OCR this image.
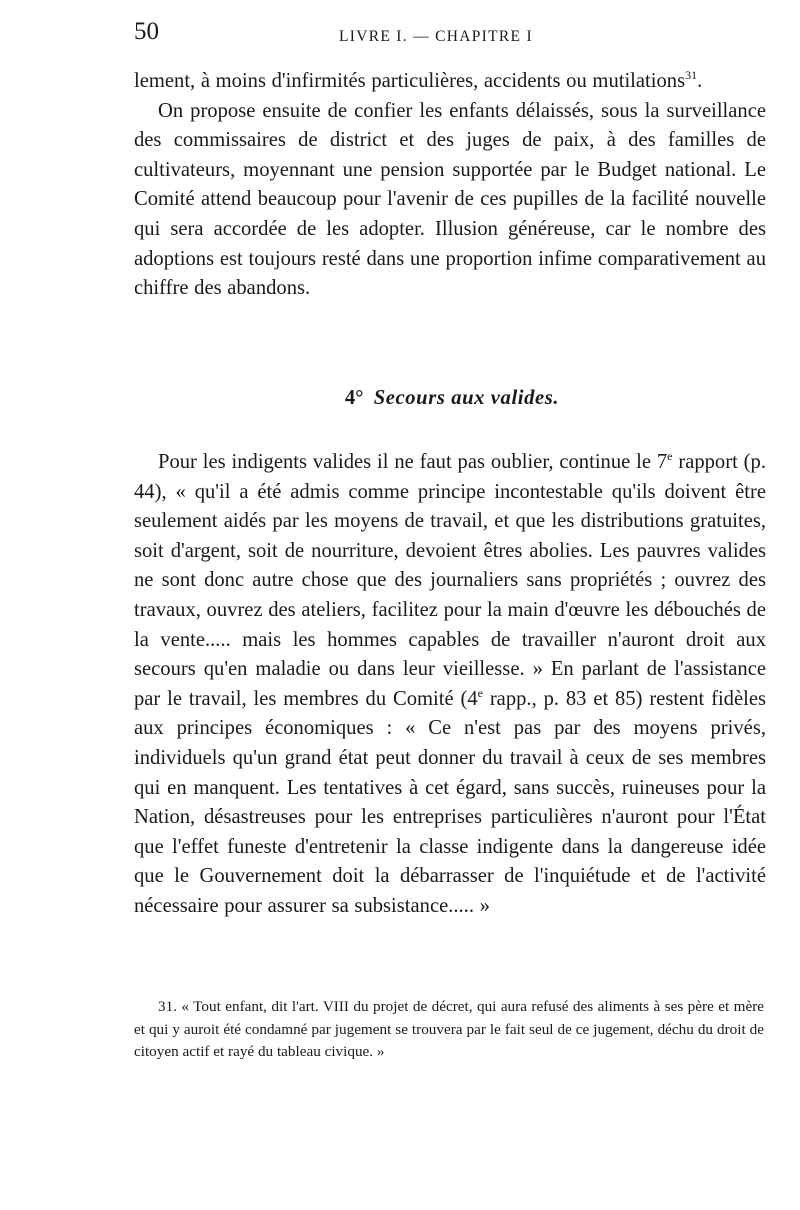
50	LIVRE I. — CHAPITRE I

lement, à moins d'infirmités particulières, accidents ou mutilations$^{31}$.

On propose ensuite de confier les enfants délaissés, sous la surveillance des commissaires de district et des juges de paix, à des familles de cultivateurs, moyennant une pension supportée par le Budget national. Le Comité attend beaucoup pour l'avenir de ces pupilles de la facilité nouvelle qui sera accordée de les adopter. Illusion généreuse, car le nombre des adoptions est toujours resté dans une proportion infime comparativement au chiffre des abandons.

4° Secours aux valides.

Pour les indigents valides il ne faut pas oublier, continue le 7e rapport (p. 44), « qu'il a été admis comme principe incontestable qu'ils doivent être seulement aidés par les moyens de travail, et que les distributions gratuites, soit d'argent, soit de nourriture, devoient êtres abolies. Les pauvres valides ne sont donc autre chose que des journaliers sans propriétés ; ouvrez des travaux, ouvrez des ateliers, facilitez pour la main d'œuvre les débouchés de la vente..... mais les hommes capables de travailler n'auront droit aux secours qu'en maladie ou dans leur vieillesse. » En parlant de l'assistance par le travail, les membres du Comité (4e rapp., p. 83 et 85) restent fidèles aux principes économiques : « Ce n'est pas par des moyens privés, individuels qu'un grand état peut donner du travail à ceux de ses membres qui en manquent. Les tentatives à cet égard, sans succès, ruineuses pour la Nation, désastreuses pour les entreprises particulières n'auront pour l'État que l'effet funeste d'entretenir la classe indigente dans la dangereuse idée que le Gouvernement doit la débarrasser de l'inquiétude et de l'activité nécessaire pour assurer sa subsistance..... »

31. « Tout enfant, dit l'art. VIII du projet de décret, qui aura refusé des aliments à ses père et mère et qui y auroit été condamné par jugement se trouvera par le fait seul de ce jugement, déchu du droit de citoyen actif et rayé du tableau civique. »
